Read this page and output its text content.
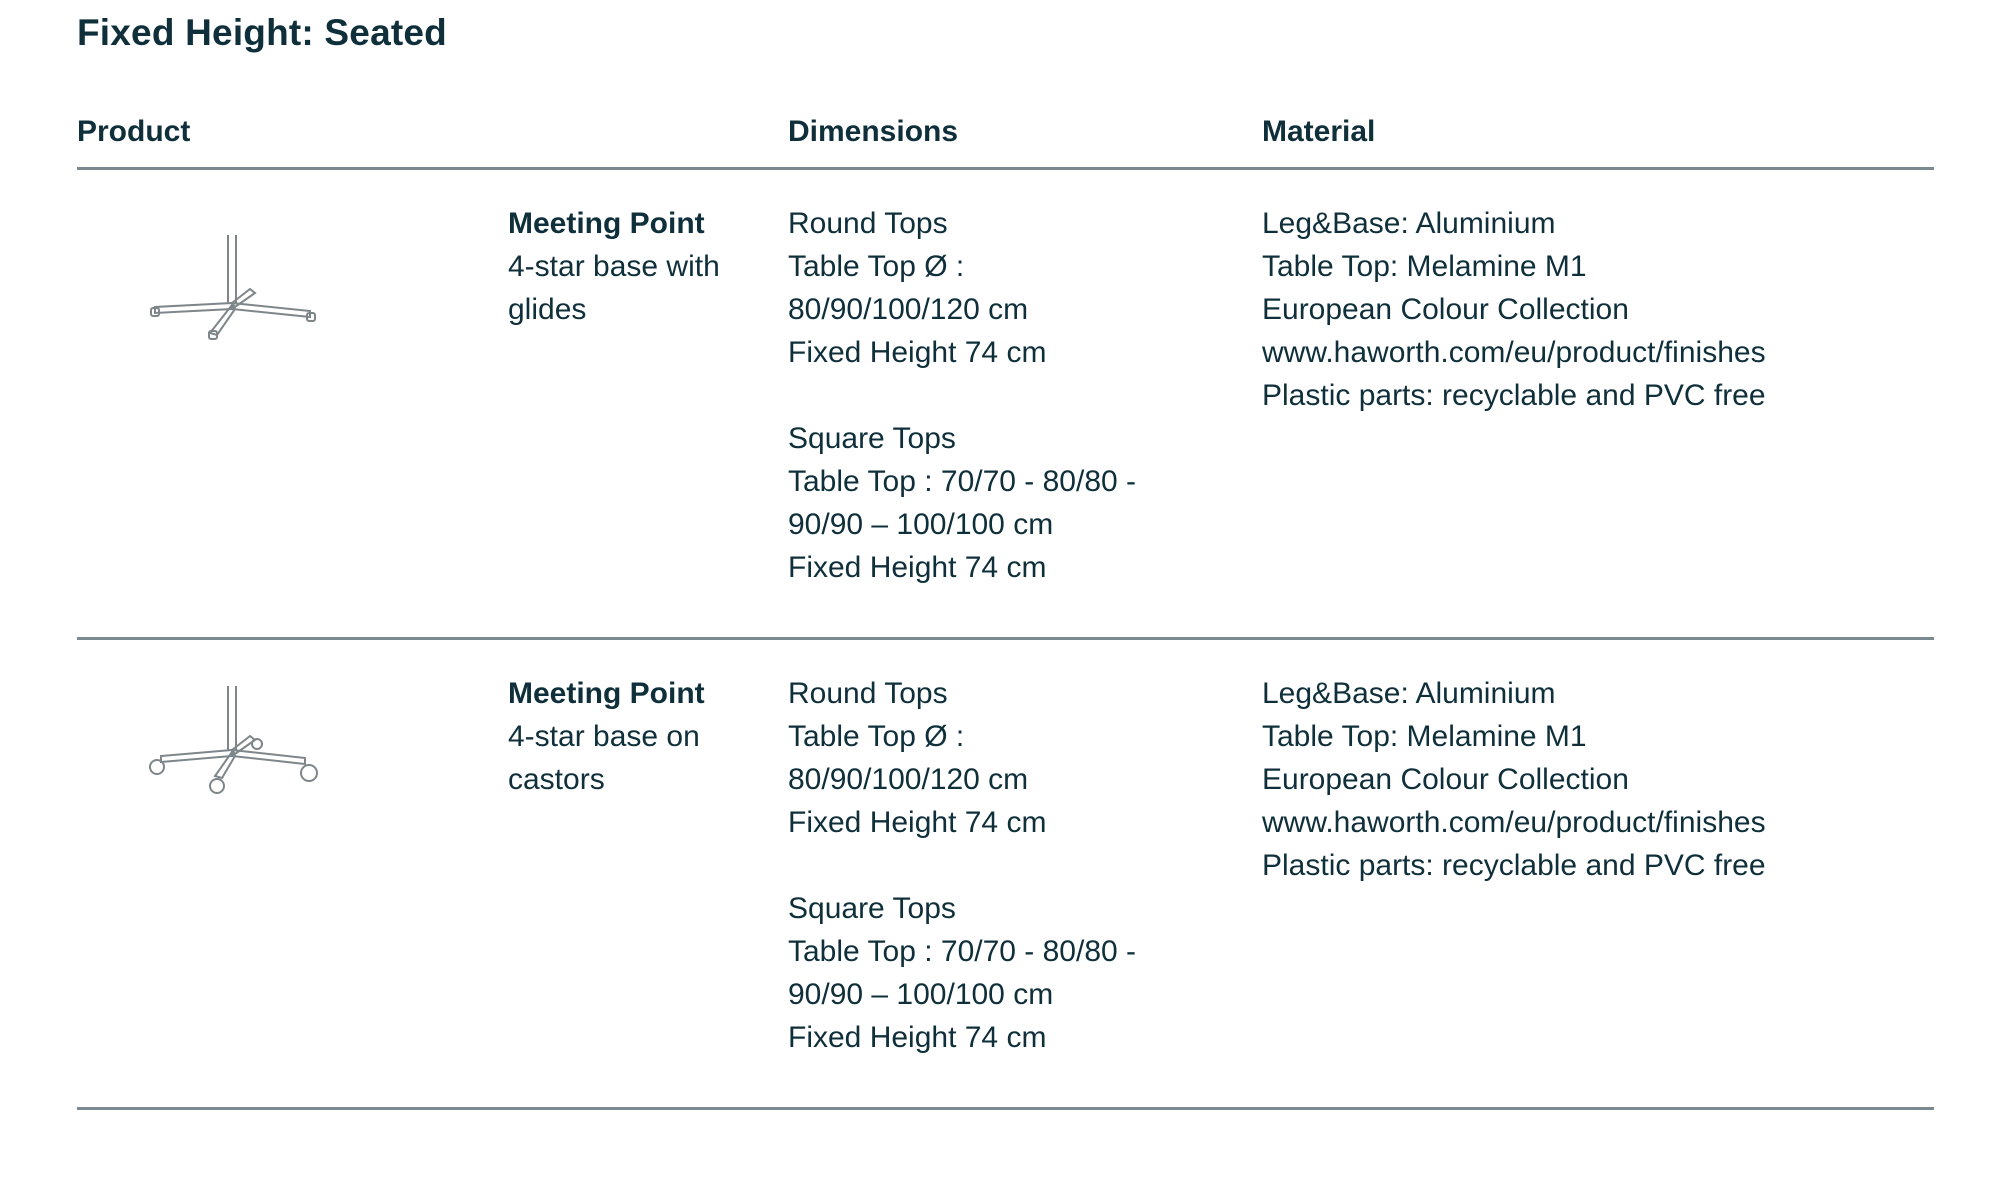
Fixed Height: Seated
Product	Dimensions	Material
Meeting Point
4-star base with
glides
Round Tops
Table Top Ø :
80/90/100/120 cm
Fixed Height 74 cm
Square Tops
Table Top : 70/70 - 80/80 -
90/90 – 100/100 cm
Fixed Height 74 cm
Leg&Base: Aluminium
Table Top: Melamine M1
European Colour Collection
www.haworth.com/eu/product/finishes
Plastic parts: recyclable and PVC free
Meeting Point
4-star base on
castors
Round Tops
Table Top Ø :
80/90/100/120 cm
Fixed Height 74 cm
Square Tops
Table Top : 70/70 - 80/80 -
90/90 – 100/100 cm
Fixed Height 74 cm
Leg&Base: Aluminium
Table Top: Melamine M1
European Colour Collection
www.haworth.com/eu/product/finishes
Plastic parts: recyclable and PVC free
